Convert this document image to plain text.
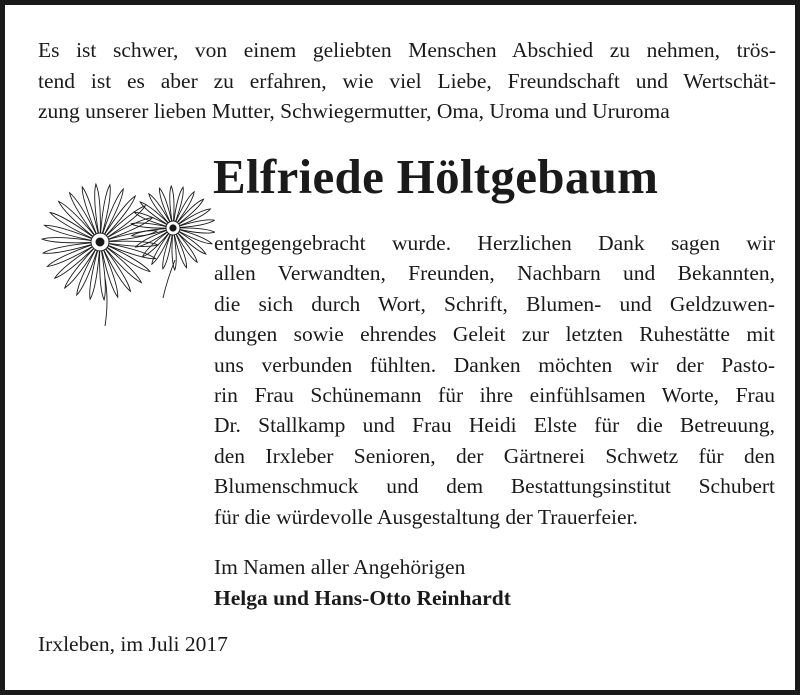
Es ist schwer, von einem geliebten Menschen Abschied zu nehmen, trös-
tend ist es aber zu erfahren, wie viel Liebe, Freundschaft und Wertschät-
zung unserer lieben Mutter, Schwiegermutter, Oma, Uroma und Ururoma
Elfriede Höltgebaum
entgegengebracht wurde. Herzlichen Dank sagen wir
allen Verwandten, Freunden, Nachbarn und Bekannten,
die sich durch Wort, Schrift, Blumen- und Geldzuwen-
dungen sowie ehrendes Geleit zur letzten Ruhestätte mit
uns verbunden fühlten. Danken möchten wir der Pasto-
rin Frau Schünemann für ihre einfühlsamen Worte, Frau
Dr. Stallkamp und Frau Heidi Elste für die Betreuung,
den Irxleber Senioren, der Gärtnerei Schwetz für den
Blumenschmuck und dem Bestattungsinstitut Schubert
für die würdevolle Ausgestaltung der Trauerfeier.
Im Namen aller Angehörigen
Helga und Hans-Otto Reinhardt
Irxleben, im Juli 2017
